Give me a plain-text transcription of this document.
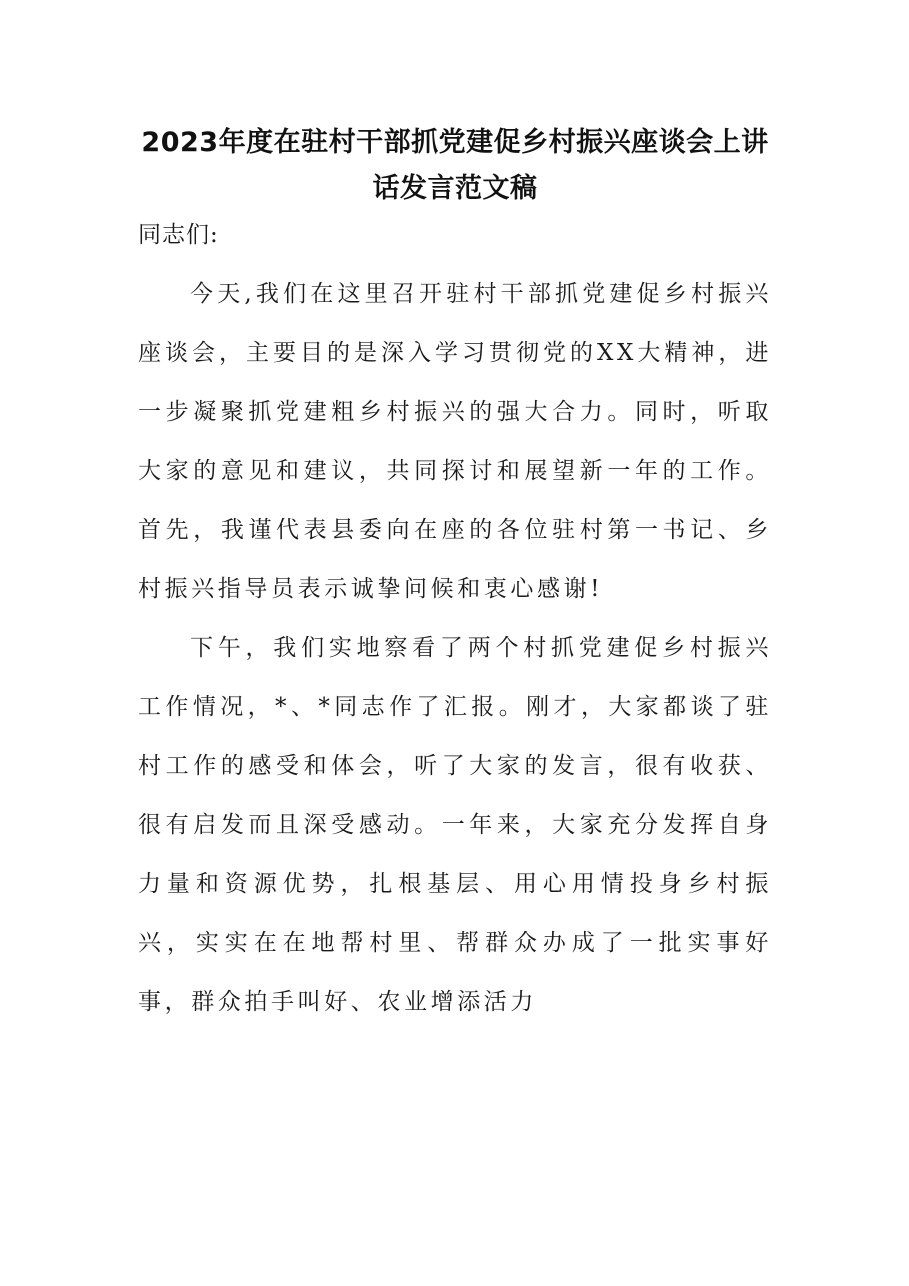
2023年度在驻村干部抓党建促乡村振兴座谈会上讲
话发言范文稿

同志们:

今天,我们在这里召开驻村干部抓党建促乡村振兴座谈会，主要目的是深入学习贯彻党的XX大精神，进一步凝聚抓党建粗乡村振兴的强大合力。同时，听取大家的意见和建议，共同探讨和展望新一年的工作。首先，我谨代表县委向在座的各位驻村第一书记、乡村振兴指导员表示诚挚问候和衷心感谢!

下午，我们实地察看了两个村抓党建促乡村振兴工作情况，*、*同志作了汇报。刚才，大家都谈了驻村工作的感受和体会，听了大家的发言，很有收获、很有启发而且深受感动。一年来，大家充分发挥自身力量和资源优势，扎根基层、用心用情投身乡村振兴，实实在在地帮村里、帮群众办成了一批实事好事，群众拍手叫好、农业增添活力
